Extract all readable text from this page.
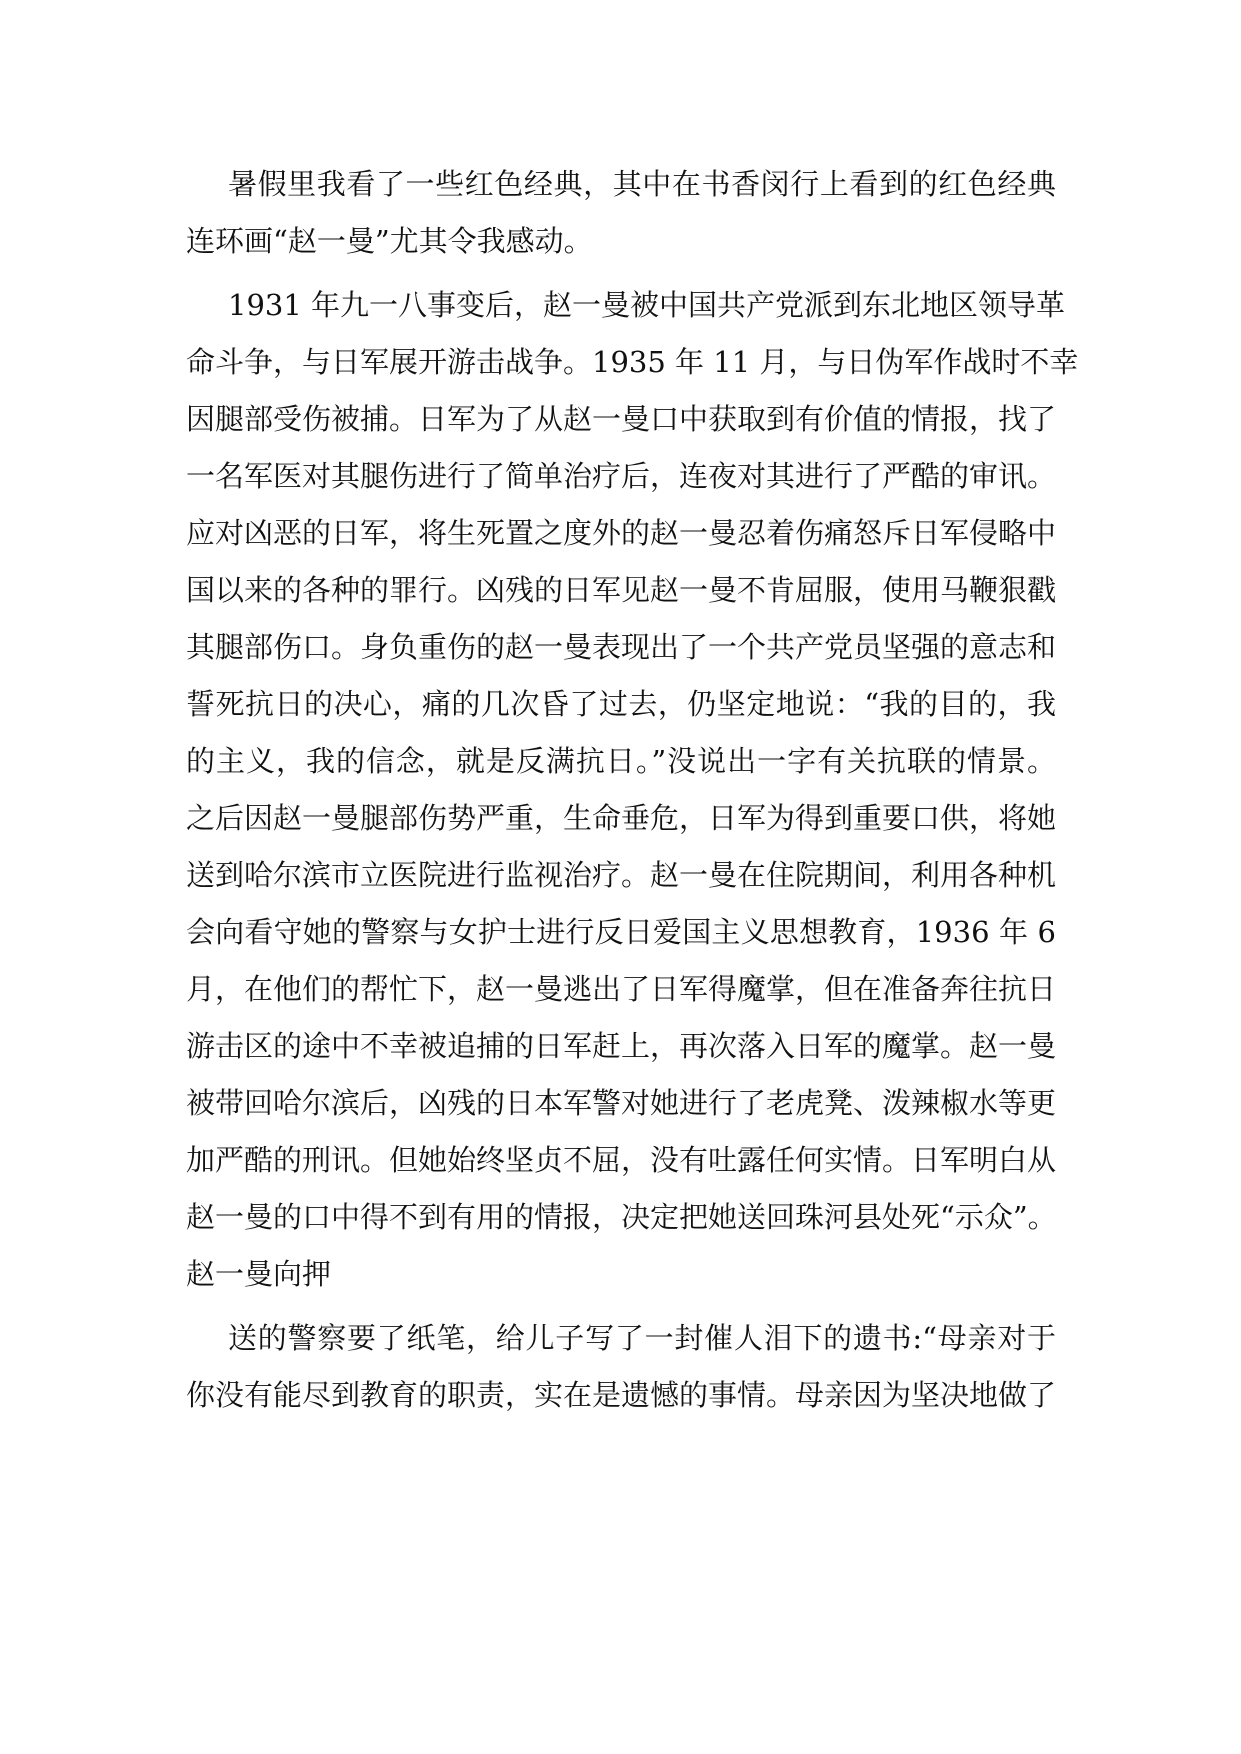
暑假里我看了一些红色经典，其中在书香闵行上看到的红色经典
连环画“赵一曼”尤其令我感动。
1931 年九一八事变后，赵一曼被中国共产党派到东北地区领导革
命斗争，与日军展开游击战争。1935 年 11 月，与日伪军作战时不幸
因腿部受伤被捕。日军为了从赵一曼口中获取到有价值的情报，找了
一名军医对其腿伤进行了简单治疗后，连夜对其进行了严酷的审讯。
应对凶恶的日军，将生死置之度外的赵一曼忍着伤痛怒斥日军侵略中
国以来的各种的罪行。凶残的日军见赵一曼不肯屈服，使用马鞭狠戳
其腿部伤口。身负重伤的赵一曼表现出了一个共产党员坚强的意志和
誓死抗日的决心，痛的几次昏了过去，仍坚定地说：“我的目的，我
的主义，我的信念，就是反满抗日。”没说出一字有关抗联的情景。
之后因赵一曼腿部伤势严重，生命垂危，日军为得到重要口供，将她
送到哈尔滨市立医院进行监视治疗。赵一曼在住院期间，利用各种机
会向看守她的警察与女护士进行反日爱国主义思想教育，1936 年 6
月，在他们的帮忙下，赵一曼逃出了日军得魔掌，但在准备奔往抗日
游击区的途中不幸被追捕的日军赶上，再次落入日军的魔掌。赵一曼
被带回哈尔滨后，凶残的日本军警对她进行了老虎凳、泼辣椒水等更
加严酷的刑讯。但她始终坚贞不屈，没有吐露任何实情。日军明白从
赵一曼的口中得不到有用的情报，决定把她送回珠河县处死“示众”。
赵一曼向押
送的警察要了纸笔，给儿子写了一封催人泪下的遗书:“母亲对于
你没有能尽到教育的职责，实在是遗憾的事情。母亲因为坚决地做了
